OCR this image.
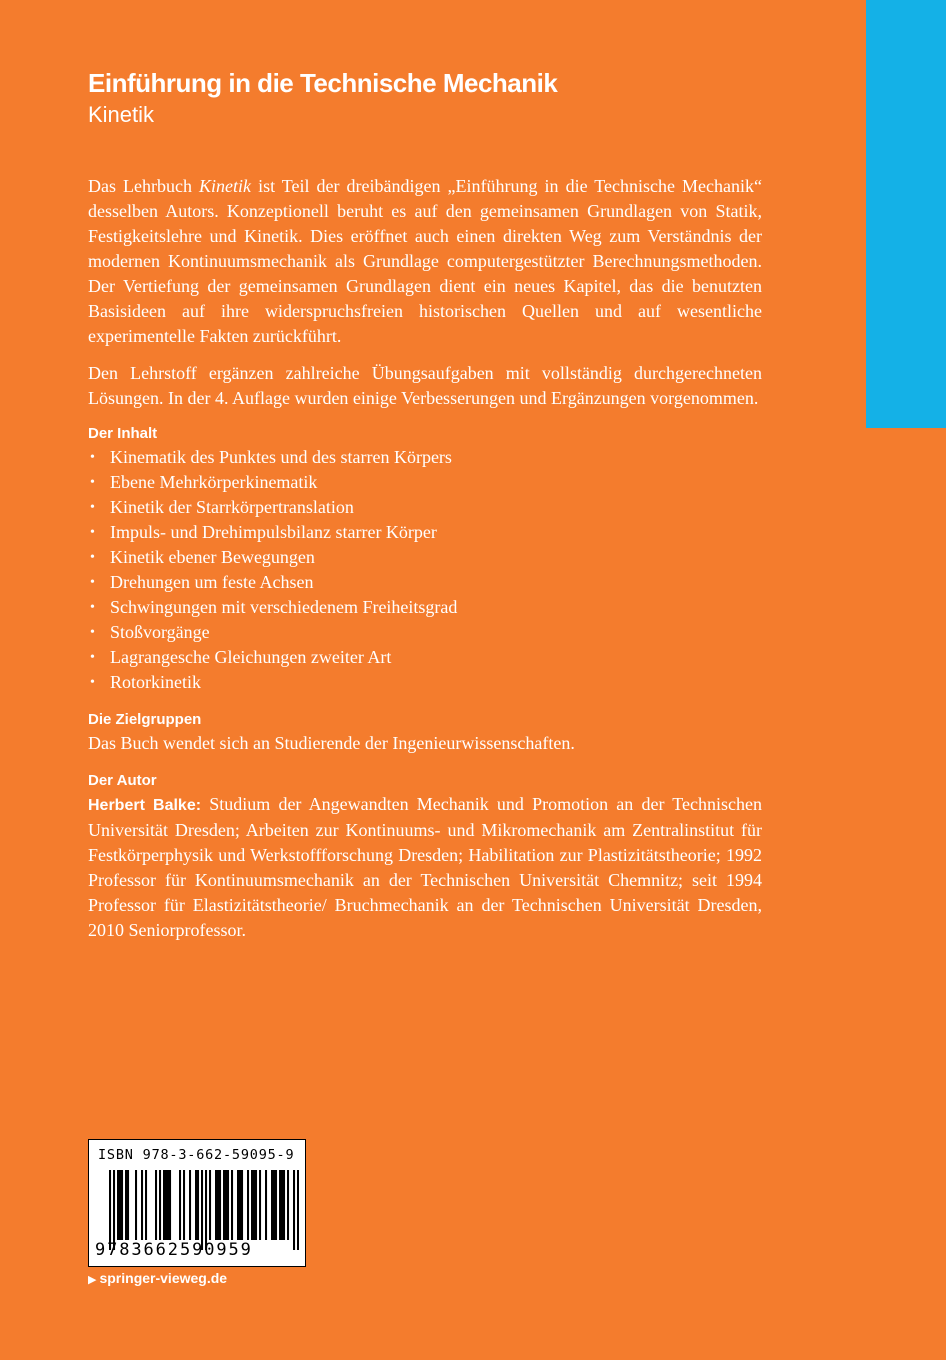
Einführung in die Technische Mechanik

Kinetik

Das Lehrbuch Kinetik ist Teil der dreibändigen „Einführung in die Technische Mechanik“ desselben Autors. Konzeptionell beruht es auf den gemeinsamen Grundlagen von Statik, Festigkeitslehre und Kinetik. Dies eröffnet auch einen direkten Weg zum Verständnis der modernen Kontinuumsmechanik als Grundlage computergestützter Berechnungsmethoden. Der Vertiefung der gemeinsamen Grundlagen dient ein neues Kapitel, das die benutzten Basisideen auf ihre widerspruchsfreien historischen Quellen und auf wesentliche experimentelle Fakten zurückführt.

Den Lehrstoff ergänzen zahlreiche Übungsaufgaben mit vollständig durchgerechneten Lösungen. In der 4. Auflage wurden einige Verbesserungen und Ergänzungen vorgenommen.

Der Inhalt

• Kinematik des Punktes und des starren Körpers
• Ebene Mehrkörperkinematik
• Kinetik der Starrkörpertranslation
• Impuls- und Drehimpulsbilanz starrer Körper
• Kinetik ebener Bewegungen
• Drehungen um feste Achsen
• Schwingungen mit verschiedenem Freiheitsgrad
• Stoßvorgänge
• Lagrangesche Gleichungen zweiter Art
• Rotorkinetik

Die Zielgruppen

Das Buch wendet sich an Studierende der Ingenieurwissenschaften.

Der Autor

Herbert Balke: Studium der Angewandten Mechanik und Promotion an der Technischen Universität Dresden; Arbeiten zur Kontinuums- und Mikromechanik am Zentralinstitut für Festkörperphysik und Werkstoffforschung Dresden; Habilitation zur Plastizitätstheorie; 1992 Professor für Kontinuumsmechanik an der Technischen Universität Chemnitz; seit 1994 Professor für Elastizitätstheorie/ Bruchmechanik an der Technischen Universität Dresden, 2010 Seniorprofessor.

ISBN 978-3-662-59095-9
9783662590959
▶ springer-vieweg.de
